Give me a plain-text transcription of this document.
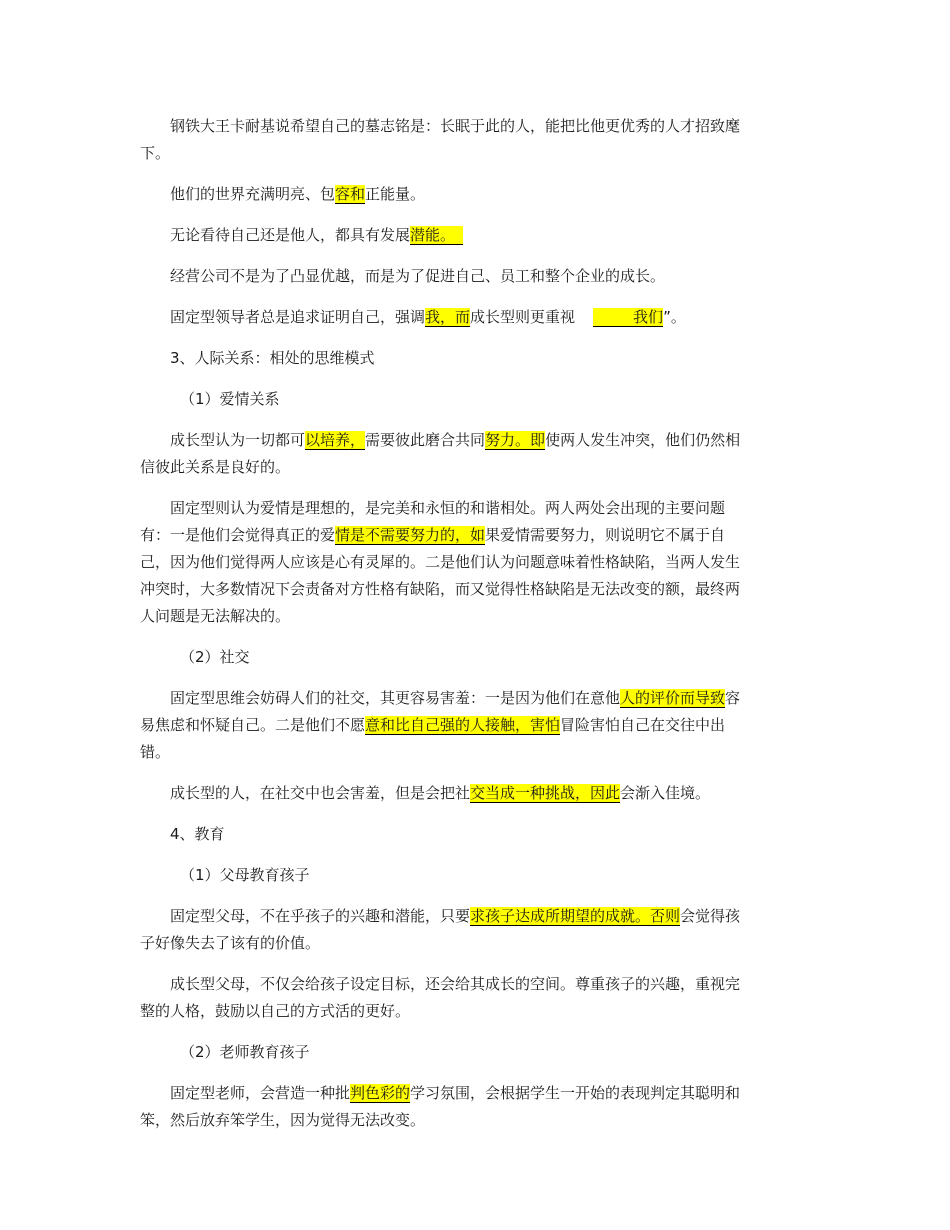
钢铁大王卡耐基说希望自己的墓志铭是：长眠于此的人，能把比他更优秀的人才招致麾下。

他们的世界充满明亮、包容和正能量。

无论看待自己还是他人，都具有发展潜能。　

经营公司不是为了凸显优越，而是为了促进自己、员工和整个企业的成长。

固定型领导者总是追求证明自己，强调我，而成长型则更重视	我们”。

3、人际关系：相处的思维模式

（1）爱情关系

成长型认为一切都可以培养，需要彼此磨合共同努力。即使两人发生冲突，他们仍然相信彼此关系是良好的。

固定型则认为爱情是理想的，是完美和永恒的和谐相处。两人两处会出现的主要问题有：一是他们会觉得真正的爱情是不需要努力的，如果爱情需要努力，则说明它不属于自己，因为他们觉得两人应该是心有灵犀的。二是他们认为问题意味着性格缺陷，当两人发生冲突时，大多数情况下会责备对方性格有缺陷，而又觉得性格缺陷是无法改变的额，最终两人问题是无法解决的。

（2）社交

固定型思维会妨碍人们的社交，其更容易害羞：一是因为他们在意他人的评价而导致容易焦虑和怀疑自己。二是他们不愿意和比自己强的人接触，害怕冒险害怕自己在交往中出错。

成长型的人，在社交中也会害羞，但是会把社交当成一种挑战，因此会渐入佳境。

4、教育

（1）父母教育孩子

固定型父母，不在乎孩子的兴趣和潜能，只要求孩子达成所期望的成就。否则会觉得孩子好像失去了该有的价值。

成长型父母，不仅会给孩子设定目标，还会给其成长的空间。尊重孩子的兴趣，重视完整的人格，鼓励以自己的方式活的更好。

（2）老师教育孩子

固定型老师，会营造一种批判色彩的学习氛围，会根据学生一开始的表现判定其聪明和笨，然后放弃笨学生，因为觉得无法改变。
